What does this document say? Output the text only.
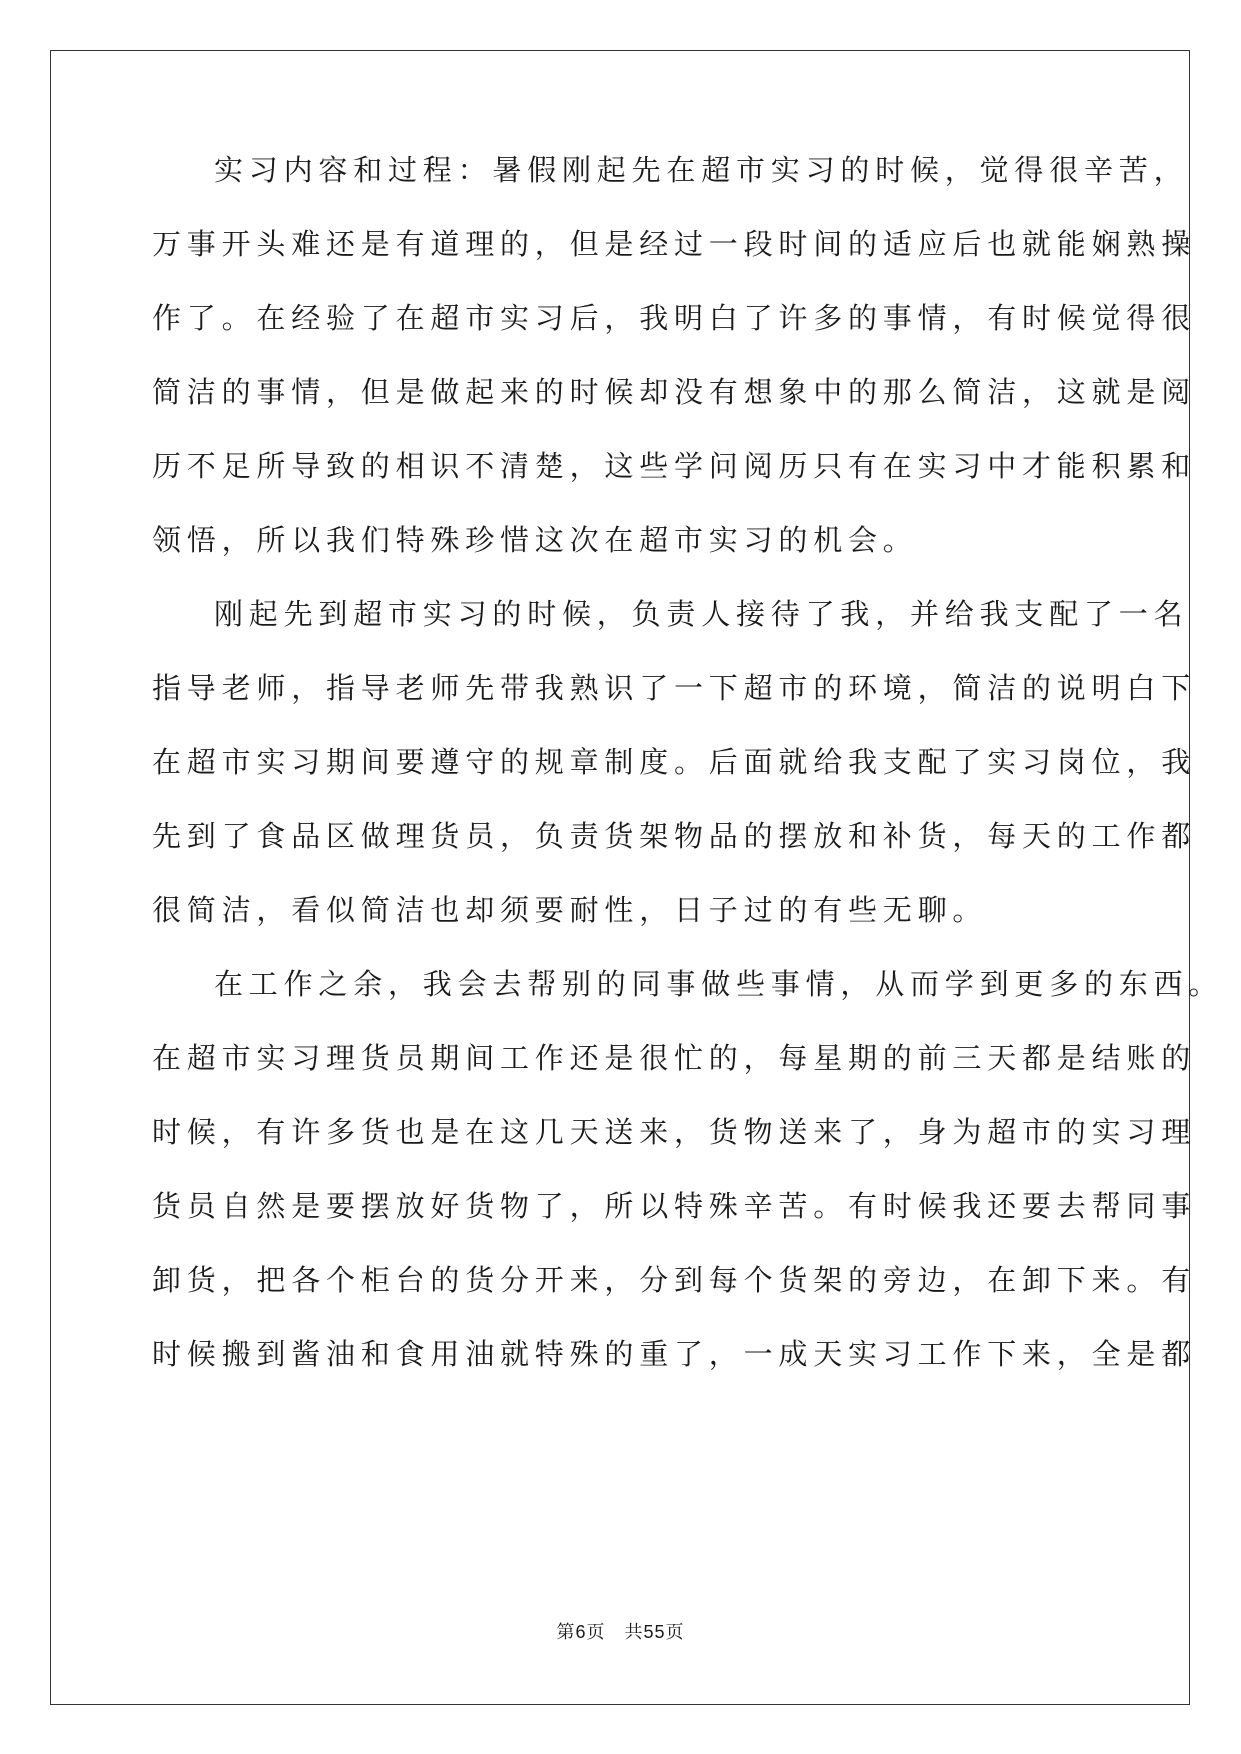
实习内容和过程：暑假刚起先在超市实习的时候，觉得很辛苦，
万事开头难还是有道理的，但是经过一段时间的适应后也就能娴熟操
作了。在经验了在超市实习后，我明白了许多的事情，有时候觉得很
简洁的事情，但是做起来的时候却没有想象中的那么简洁，这就是阅
历不足所导致的相识不清楚，这些学问阅历只有在实习中才能积累和
领悟，所以我们特殊珍惜这次在超市实习的机会。
刚起先到超市实习的时候，负责人接待了我，并给我支配了一名
指导老师，指导老师先带我熟识了一下超市的环境，简洁的说明白下
在超市实习期间要遵守的规章制度。后面就给我支配了实习岗位，我
先到了食品区做理货员，负责货架物品的摆放和补货，每天的工作都
很简洁，看似简洁也却须要耐性，日子过的有些无聊。
在工作之余，我会去帮别的同事做些事情，从而学到更多的东西。
在超市实习理货员期间工作还是很忙的，每星期的前三天都是结账的
时候，有许多货也是在这几天送来，货物送来了，身为超市的实习理
货员自然是要摆放好货物了，所以特殊辛苦。有时候我还要去帮同事
卸货，把各个柜台的货分开来，分到每个货架的旁边，在卸下来。有
时候搬到酱油和食用油就特殊的重了，一成天实习工作下来，全是都
第6页　共55页
